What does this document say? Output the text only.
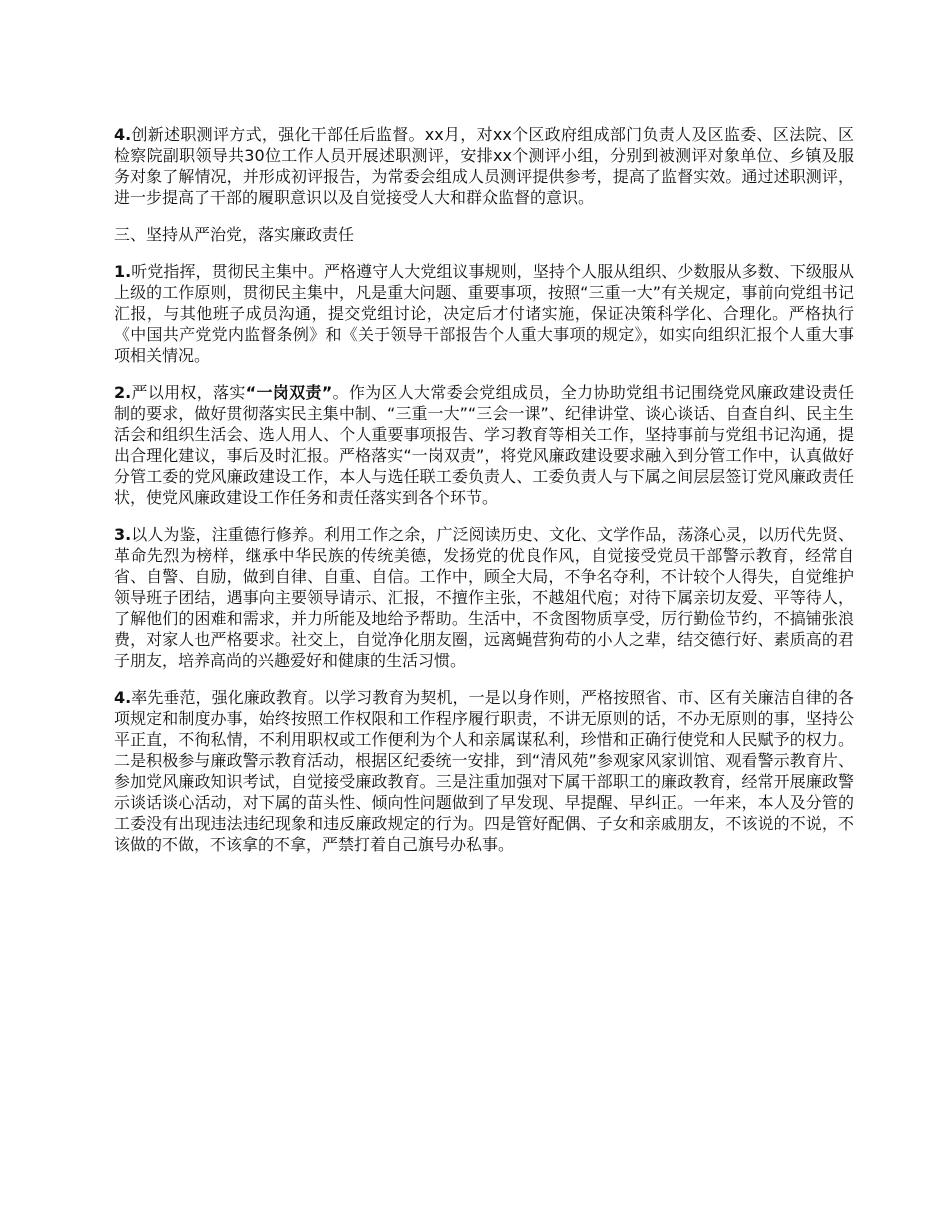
4.创新述职测评方式，强化干部任后监督。xx月，对xx个区政府组成部门负责人及区监委、区法院、区检察院副职领导共30位工作人员开展述职测评，安排xx个测评小组，分别到被测评对象单位、乡镇及服务对象了解情况，并形成初评报告，为常委会组成人员测评提供参考，提高了监督实效。通过述职测评，进一步提高了干部的履职意识以及自觉接受人大和群众监督的意识。

三、坚持从严治党，落实廉政责任

1.听党指挥，贯彻民主集中。严格遵守人大党组议事规则，坚持个人服从组织、少数服从多数、下级服从上级的工作原则，贯彻民主集中，凡是重大问题、重要事项，按照“三重一大”有关规定，事前向党组书记汇报，与其他班子成员沟通，提交党组讨论，决定后才付诸实施，保证决策科学化、合理化。严格执行《中国共产党党内监督条例》和《关于领导干部报告个人重大事项的规定》，如实向组织汇报个人重大事项相关情况。

2.严以用权，落实“一岗双责”。作为区人大常委会党组成员，全力协助党组书记围绕党风廉政建设责任制的要求，做好贯彻落实民主集中制、“三重一大”“三会一课”、纪律讲堂、谈心谈话、自查自纠、民主生活会和组织生活会、选人用人、个人重要事项报告、学习教育等相关工作，坚持事前与党组书记沟通，提出合理化建议，事后及时汇报。严格落实“一岗双责”，将党风廉政建设要求融入到分管工作中，认真做好分管工委的党风廉政建设工作，本人与选任联工委负责人、工委负责人与下属之间层层签订党风廉政责任状，使党风廉政建设工作任务和责任落实到各个环节。

3.以人为鉴，注重德行修养。利用工作之余，广泛阅读历史、文化、文学作品，荡涤心灵，以历代先贤、革命先烈为榜样，继承中华民族的传统美德，发扬党的优良作风，自觉接受党员干部警示教育，经常自省、自警、自励，做到自律、自重、自信。工作中，顾全大局，不争名夺利，不计较个人得失，自觉维护领导班子团结，遇事向主要领导请示、汇报，不擅作主张，不越俎代庖；对待下属亲切友爱、平等待人，了解他们的困难和需求，并力所能及地给予帮助。生活中，不贪图物质享受，厉行勤俭节约，不搞铺张浪费，对家人也严格要求。社交上，自觉净化朋友圈，远离蝇营狗苟的小人之辈，结交德行好、素质高的君子朋友，培养高尚的兴趣爱好和健康的生活习惯。

4.率先垂范，强化廉政教育。以学习教育为契机，一是以身作则，严格按照省、市、区有关廉洁自律的各项规定和制度办事，始终按照工作权限和工作程序履行职责，不讲无原则的话，不办无原则的事，坚持公平正直，不徇私情，不利用职权或工作便利为个人和亲属谋私利，珍惜和正确行使党和人民赋予的权力。二是积极参与廉政警示教育活动，根据区纪委统一安排，到“清风苑”参观家风家训馆、观看警示教育片、参加党风廉政知识考试，自觉接受廉政教育。三是注重加强对下属干部职工的廉政教育，经常开展廉政警示谈话谈心活动，对下属的苗头性、倾向性问题做到了早发现、早提醒、早纠正。一年来，本人及分管的工委没有出现违法违纪现象和违反廉政规定的行为。四是管好配偶、子女和亲戚朋友，不该说的不说，不该做的不做，不该拿的不拿，严禁打着自己旗号办私事。
